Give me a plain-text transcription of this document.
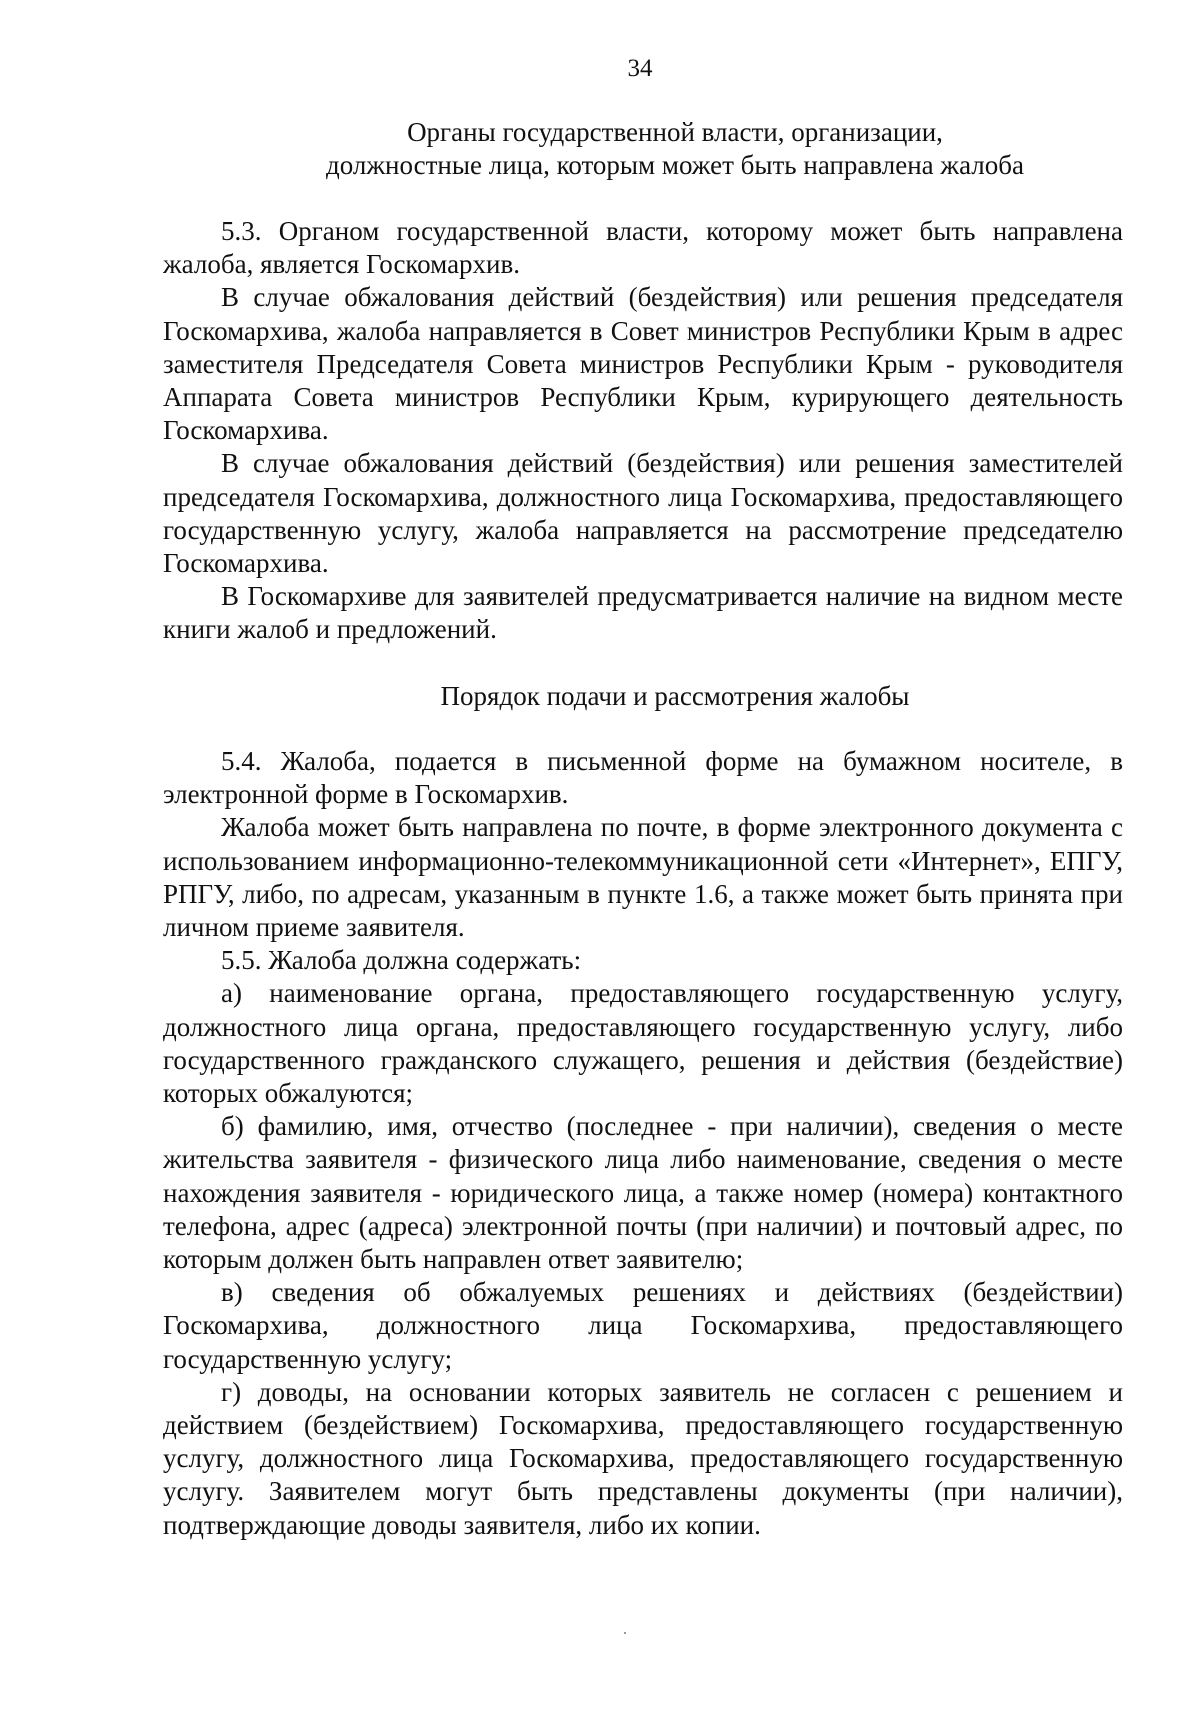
34
Органы государственной власти, организации,
должностные лица, которым может быть направлена жалоба

5.3. Органом государственной власти, которому может быть направлена жалоба, является Госкомархив.

В случае обжалования действий (бездействия) или решения председателя Госкомархива, жалоба направляется в Совет министров Республики Крым в адрес заместителя Председателя Совета министров Республики Крым - руководителя Аппарата Совета министров Республики Крым, курирующего деятельность Госкомархива.

В случае обжалования действий (бездействия) или решения заместителей председателя Госкомархива, должностного лица Госкомархива, предоставляющего государственную услугу, жалоба направляется на рассмотрение председателю Госкомархива.

В Госкомархиве для заявителей предусматривается наличие на видном месте книги жалоб и предложений.

Порядок подачи и рассмотрения жалобы

5.4. Жалоба, подается в письменной форме на бумажном носителе, в электронной форме в Госкомархив.

Жалоба может быть направлена по почте, в форме электронного документа с использованием информационно-телекоммуникационной сети «Интернет», ЕПГУ, РПГУ, либо, по адресам, указанным в пункте 1.6, а также может быть принята при личном приеме заявителя.

5.5. Жалоба должна содержать:

а) наименование органа, предоставляющего государственную услугу, должностного лица органа, предоставляющего государственную услугу, либо государственного гражданского служащего, решения и действия (бездействие) которых обжалуются;

б) фамилию, имя, отчество (последнее - при наличии), сведения о месте жительства заявителя - физического лица либо наименование, сведения о месте нахождения заявителя - юридического лица, а также номер (номера) контактного телефона, адрес (адреса) электронной почты (при наличии) и почтовый адрес, по которым должен быть направлен ответ заявителю;

в) сведения об обжалуемых решениях и действиях (бездействии) Госкомархива, должностного лица Госкомархива, предоставляющего государственную услугу;

г) доводы, на основании которых заявитель не согласен с решением и действием (бездействием) Госкомархива, предоставляющего государственную услугу, должностного лица Госкомархива, предоставляющего государственную услугу. Заявителем могут быть представлены документы (при наличии), подтверждающие доводы заявителя, либо их копии.
